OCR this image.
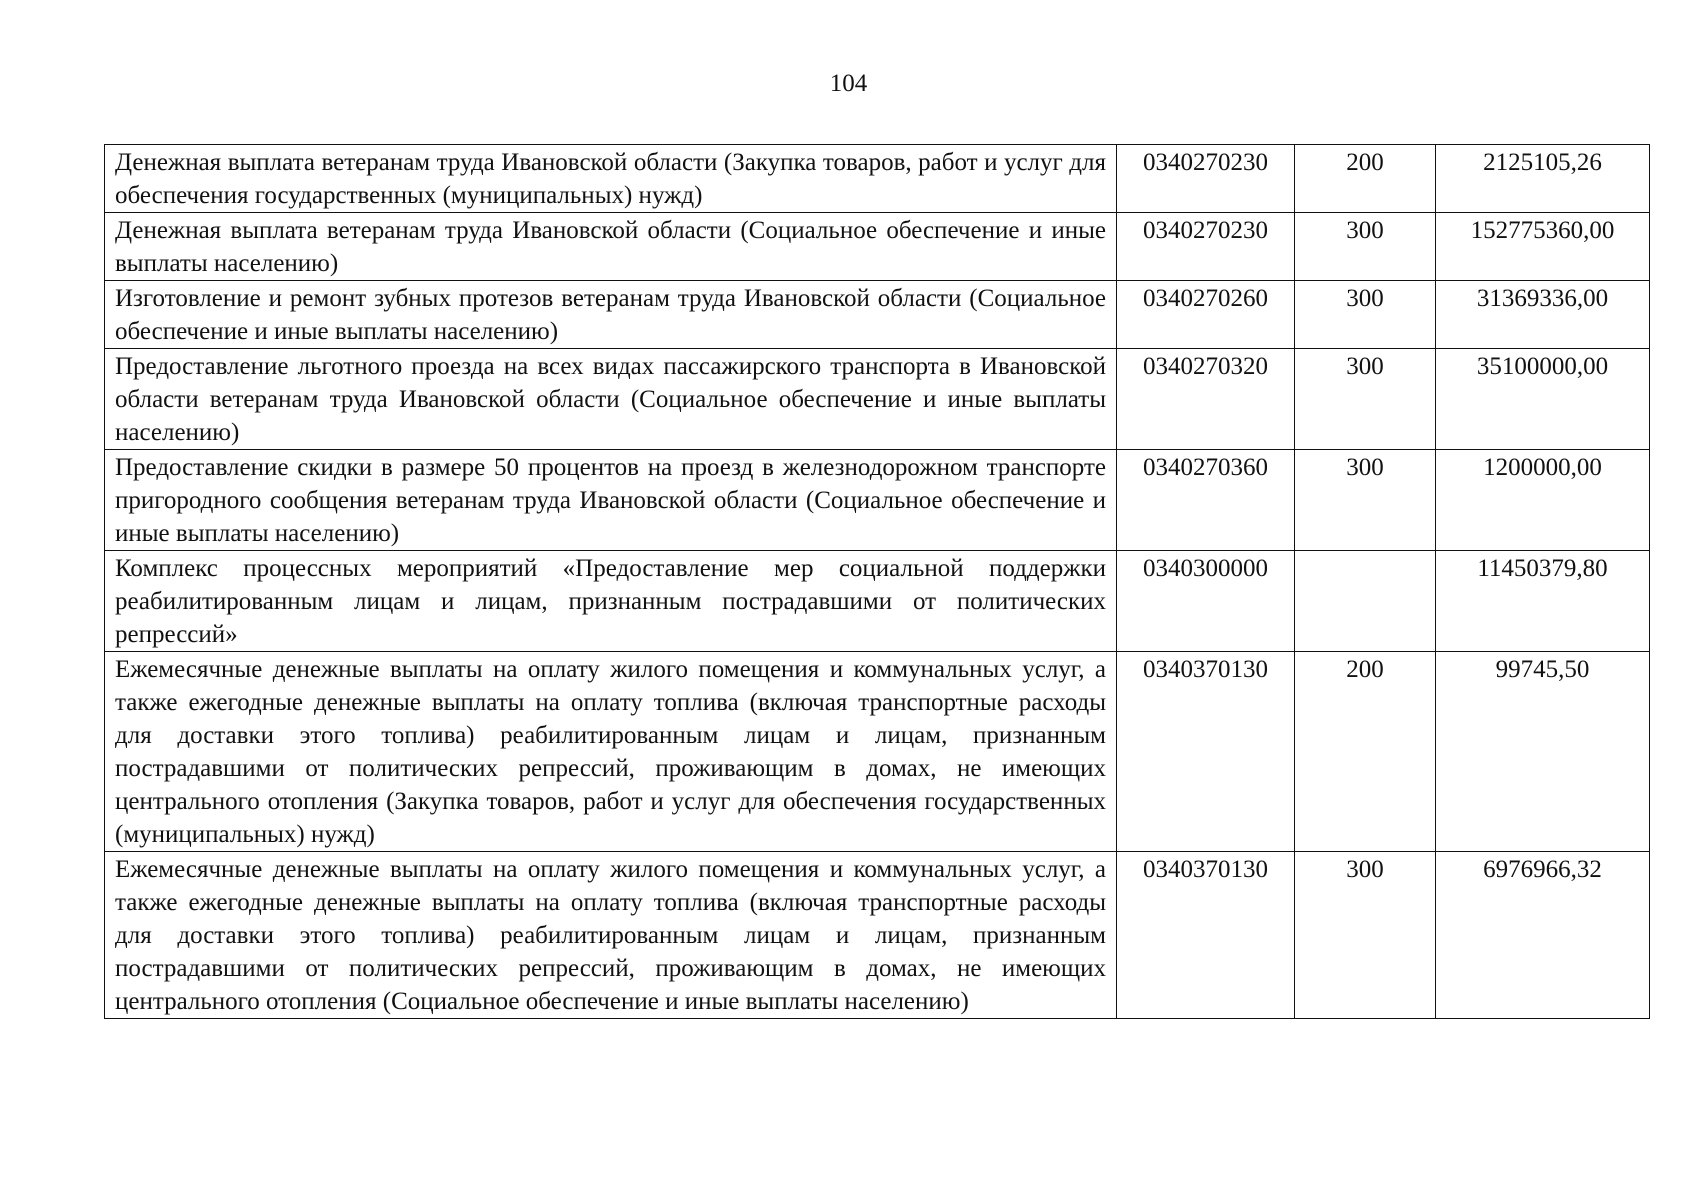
104
Денежная выплата ветеранам труда Ивановской области (Закупка товаров, работ и услуг для обеспечения государственных (муниципальных) нужд)	0340270230	200	2125105,26
Денежная выплата ветеранам труда Ивановской области (Социальное обеспечение и иные выплаты населению)	0340270230	300	152775360,00
Изготовление и ремонт зубных протезов ветеранам труда Ивановской области (Социальное обеспечение и иные выплаты населению)	0340270260	300	31369336,00
Предоставление льготного проезда на всех видах пассажирского транспорта в Ивановской области ветеранам труда Ивановской области (Социальное обеспечение и иные выплаты населению)	0340270320	300	35100000,00
Предоставление скидки в размере 50 процентов на проезд в железнодорожном транспорте пригородного сообщения ветеранам труда Ивановской области (Социальное обеспечение и иные выплаты населению)	0340270360	300	1200000,00
Комплекс процессных мероприятий «Предоставление мер социальной поддержки реабилитированным лицам и лицам, признанным пострадавшими от политических репрессий»	0340300000		11450379,80
Ежемесячные денежные выплаты на оплату жилого помещения и коммунальных услуг, а также ежегодные денежные выплаты на оплату топлива (включая транспортные расходы для доставки этого топлива) реабилитированным лицам и лицам, признанным пострадавшими от политических репрессий, проживающим в домах, не имеющих центрального отопления (Закупка товаров, работ и услуг для обеспечения государственных (муниципальных) нужд)	0340370130	200	99745,50
Ежемесячные денежные выплаты на оплату жилого помещения и коммунальных услуг, а также ежегодные денежные выплаты на оплату топлива (включая транспортные расходы для доставки этого топлива) реабилитированным лицам и лицам, признанным пострадавшими от политических репрессий, проживающим в домах, не имеющих центрального отопления (Социальное обеспечение и иные выплаты населению)	0340370130	300	6976966,32
